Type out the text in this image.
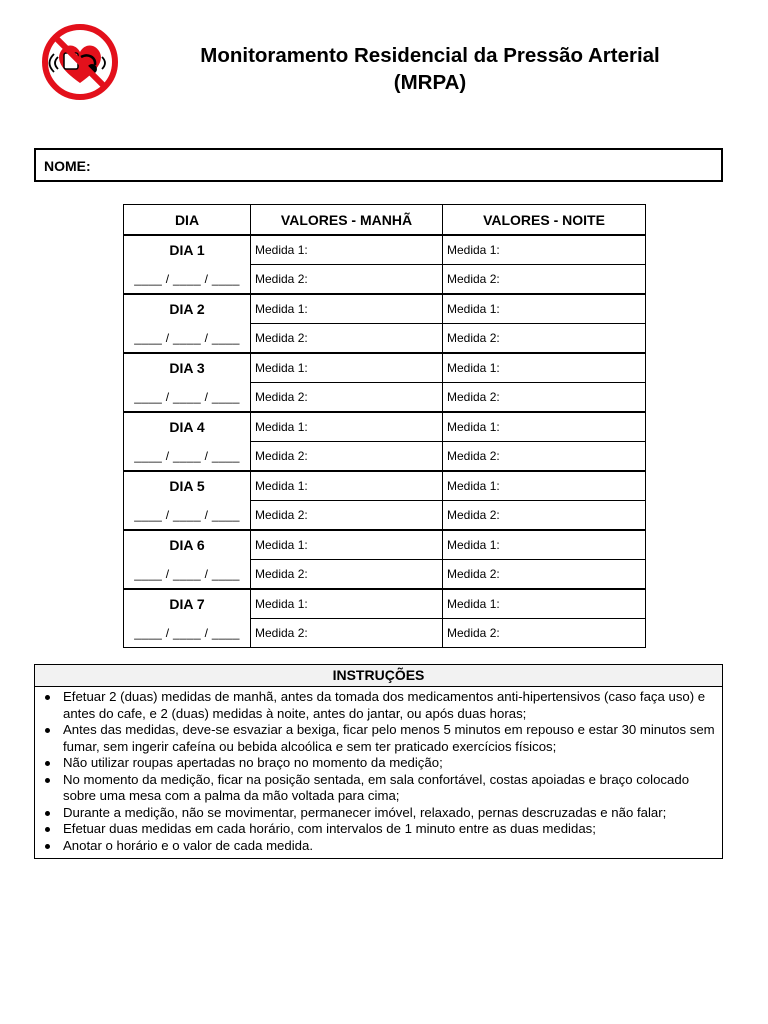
Monitoramento Residencial da Pressão Arterial
(MRPA)
NOME:
DIA	VALORES - MANHÃ	VALORES - NOITE

DIA 1
____ / ____ / ____	Medida 1:	Medida 1:
	Medida 2:	Medida 2:

DIA 2
____ / ____ / ____	Medida 1:	Medida 1:
	Medida 2:	Medida 2:

DIA 3
____ / ____ / ____	Medida 1:	Medida 1:
	Medida 2:	Medida 2:

DIA 4
____ / ____ / ____	Medida 1:	Medida 1:
	Medida 2:	Medida 2:

DIA 5
____ / ____ / ____	Medida 1:	Medida 1:
	Medida 2:	Medida 2:

DIA 6
____ / ____ / ____	Medida 1:	Medida 1:
	Medida 2:	Medida 2:

DIA 7
____ / ____ / ____	Medida 1:	Medida 1:
	Medida 2:	Medida 2:
INSTRUÇÕES
Efetuar 2 (duas) medidas de manhã, antes da tomada dos medicamentos anti-hipertensivos (caso faça uso) e antes do cafe, e 2 (duas) medidas à noite, antes do jantar, ou após duas horas;
Antes das medidas, deve-se esvaziar a bexiga, ficar pelo menos 5 minutos em repouso e estar 30 minutos sem fumar, sem ingerir cafeína ou bebida alcoólica e sem ter praticado exercícios físicos;
Não utilizar roupas apertadas no braço no momento da medição;
No momento da medição, ficar na posição sentada, em sala confortável, costas apoiadas e braço colocado sobre uma mesa com a palma da mão voltada para cima;
Durante a medição, não se movimentar, permanecer imóvel, relaxado, pernas descruzadas e não falar;
Efetuar duas medidas em cada horário, com intervalos de 1 minuto entre as duas medidas;
Anotar o horário e o valor de cada medida.
